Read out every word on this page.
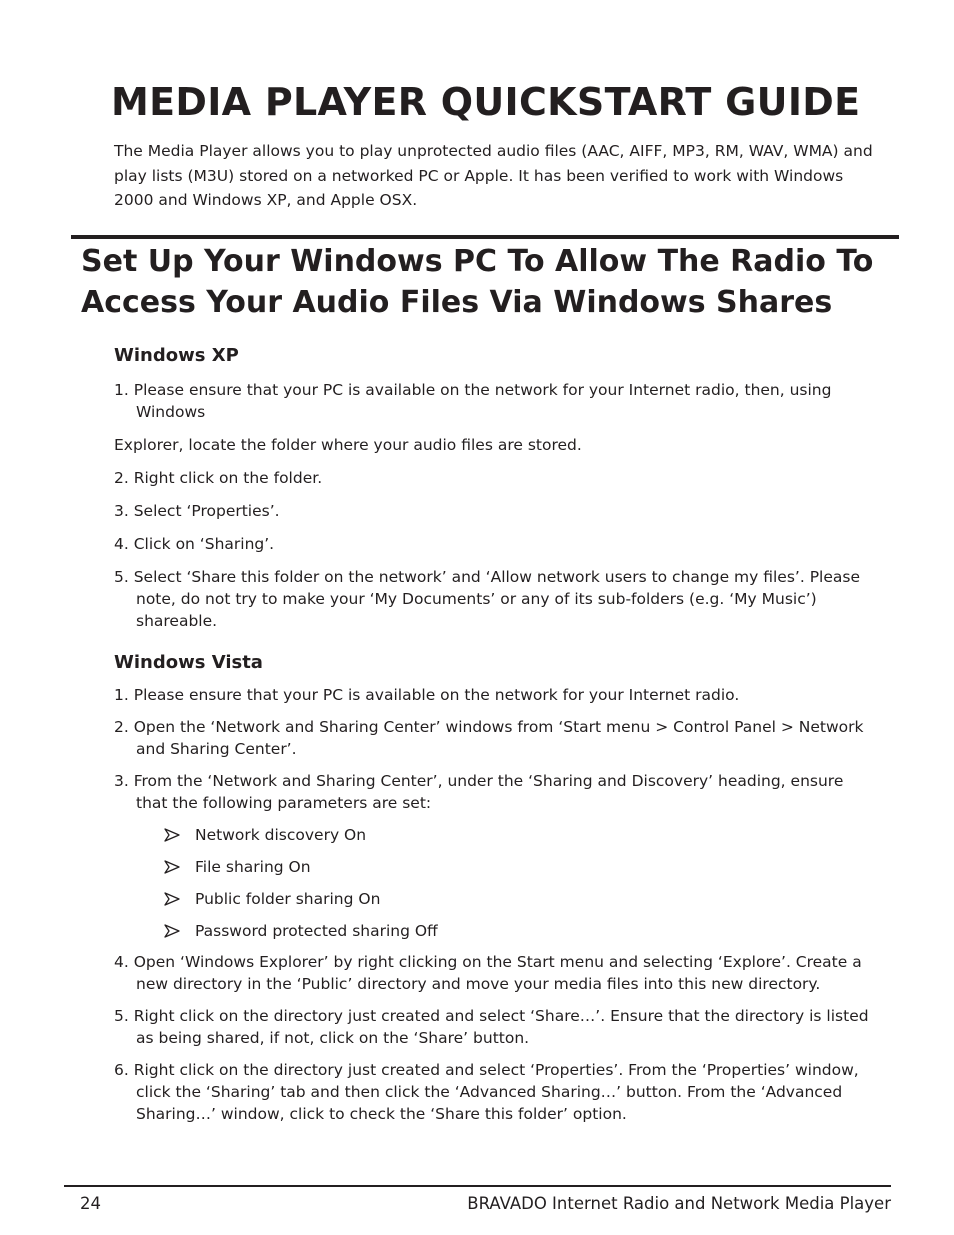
MEDIA PLAYER QUICKSTART GUIDE

The Media Player allows you to play unprotected audio files (AAC, AIFF, MP3, RM, WAV, WMA) and play lists (M3U) stored on a networked PC or Apple. It has been verified to work with Windows 2000 and Windows XP, and Apple OSX.

Set Up Your Windows PC To Allow The Radio To Access Your Audio Files Via Windows Shares
Windows XP

1. Please ensure that your PC is available on the network for your Internet radio, then, using Windows

Explorer, locate the folder where your audio files are stored.

2. Right click on the folder.

3. Select ‘Properties’.

4. Click on ‘Sharing’.

5. Select ‘Share this folder on the network’ and ‘Allow network users to change my files’. Please note, do not try to make your ‘My Documents’ or any of its sub-folders (e.g. ‘My Music’) shareable.

Windows Vista

1. Please ensure that your PC is available on the network for your Internet radio.

2. Open the ‘Network and Sharing Center’ windows from ‘Start menu > Control Panel > Network and Sharing Center’.

3. From the ‘Network and Sharing Center’, under the ‘Sharing and Discovery’ heading, ensure that the following parameters are set:

Network discovery On
File sharing On
Public folder sharing On
Password protected sharing Off

4. Open ‘Windows Explorer’ by right clicking on the Start menu and selecting ‘Explore’. Create a new directory in the ‘Public’ directory and move your media files into this new directory.

5. Right click on the directory just created and select ‘Share…’. Ensure that the directory is listed as being shared, if not, click on the ‘Share’ button.

6. Right click on the directory just created and select ‘Properties’. From the ‘Properties’ window, click the ‘Sharing’ tab and then click the ‘Advanced Sharing…’ button. From the ‘Advanced Sharing…’ window, click to check the ‘Share this folder’ option.

24	BRAVADO Internet Radio and Network Media Player
